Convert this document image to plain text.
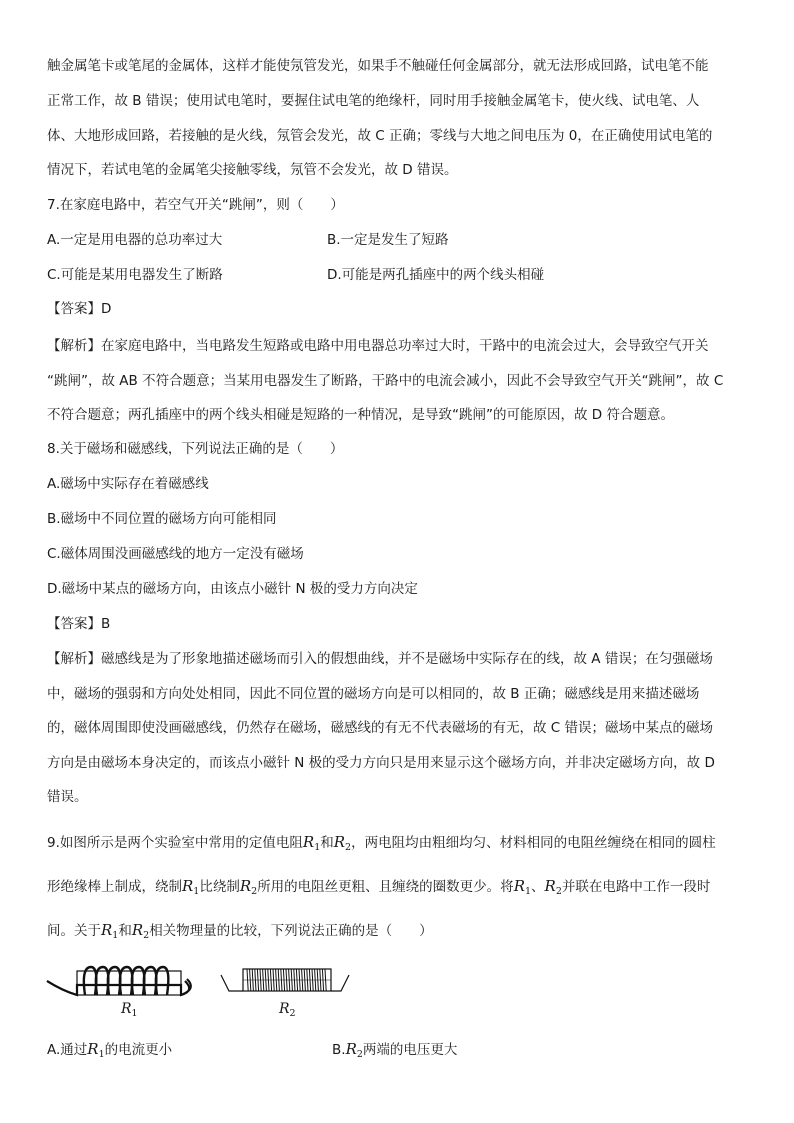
触金属笔卡或笔尾的金属体，这样才能使氖管发光，如果手不触碰任何金属部分，就无法形成回路，试电笔不能
正常工作，故 B 错误；使用试电笔时，要握住试电笔的绝缘杆，同时用手接触金属笔卡，使火线、试电笔、人
体、大地形成回路，若接触的是火线，氖管会发光，故 C 正确；零线与大地之间电压为 0，在正确使用试电笔的
情况下，若试电笔的金属笔尖接触零线，氖管不会发光，故 D 错误。
7.在家庭电路中，若空气开关“跳闸”，则（　　）
A.一定是用电器的总功率过大	B.一定是发生了短路
C.可能是某用电器发生了断路	D.可能是两孔插座中的两个线头相碰
【答案】D
【解析】在家庭电路中，当电路发生短路或电路中用电器总功率过大时，干路中的电流会过大，会导致空气开关
“跳闸”，故 AB 不符合题意；当某用电器发生了断路，干路中的电流会减小，因此不会导致空气开关“跳闸”，故 C
不符合题意；两孔插座中的两个线头相碰是短路的一种情况，是导致“跳闸”的可能原因，故 D 符合题意。
8.关于磁场和磁感线，下列说法正确的是（　　）
A.磁场中实际存在着磁感线
B.磁场中不同位置的磁场方向可能相同
C.磁体周围没画磁感线的地方一定没有磁场
D.磁场中某点的磁场方向，由该点小磁针 N 极的受力方向决定
【答案】B
【解析】磁感线是为了形象地描述磁场而引入的假想曲线，并不是磁场中实际存在的线，故 A 错误；在匀强磁场
中，磁场的强弱和方向处处相同，因此不同位置的磁场方向是可以相同的，故 B 正确；磁感线是用来描述磁场
的，磁体周围即使没画磁感线，仍然存在磁场，磁感线的有无不代表磁场的有无，故 C 错误；磁场中某点的磁场
方向是由磁场本身决定的，而该点小磁针 N 极的受力方向只是用来显示这个磁场方向，并非决定磁场方向，故 D
错误。
9.如图所示是两个实验室中常用的定值电阻$R_1$和$R_2$，两电阻均由粗细均匀、材料相同的电阻丝缠绕在相同的圆柱
形绝缘棒上制成，绕制$R_1$比绕制$R_2$所用的电阻丝更粗、且缠绕的圈数更少。将$R_1$、$R_2$并联在电路中工作一段时
间。关于$R_1$和$R_2$相关物理量的比较，下列说法正确的是（　　）
$R_1$	$R_2$
A.通过$R_1$的电流更小	$B.R_2$两端的电压更大
